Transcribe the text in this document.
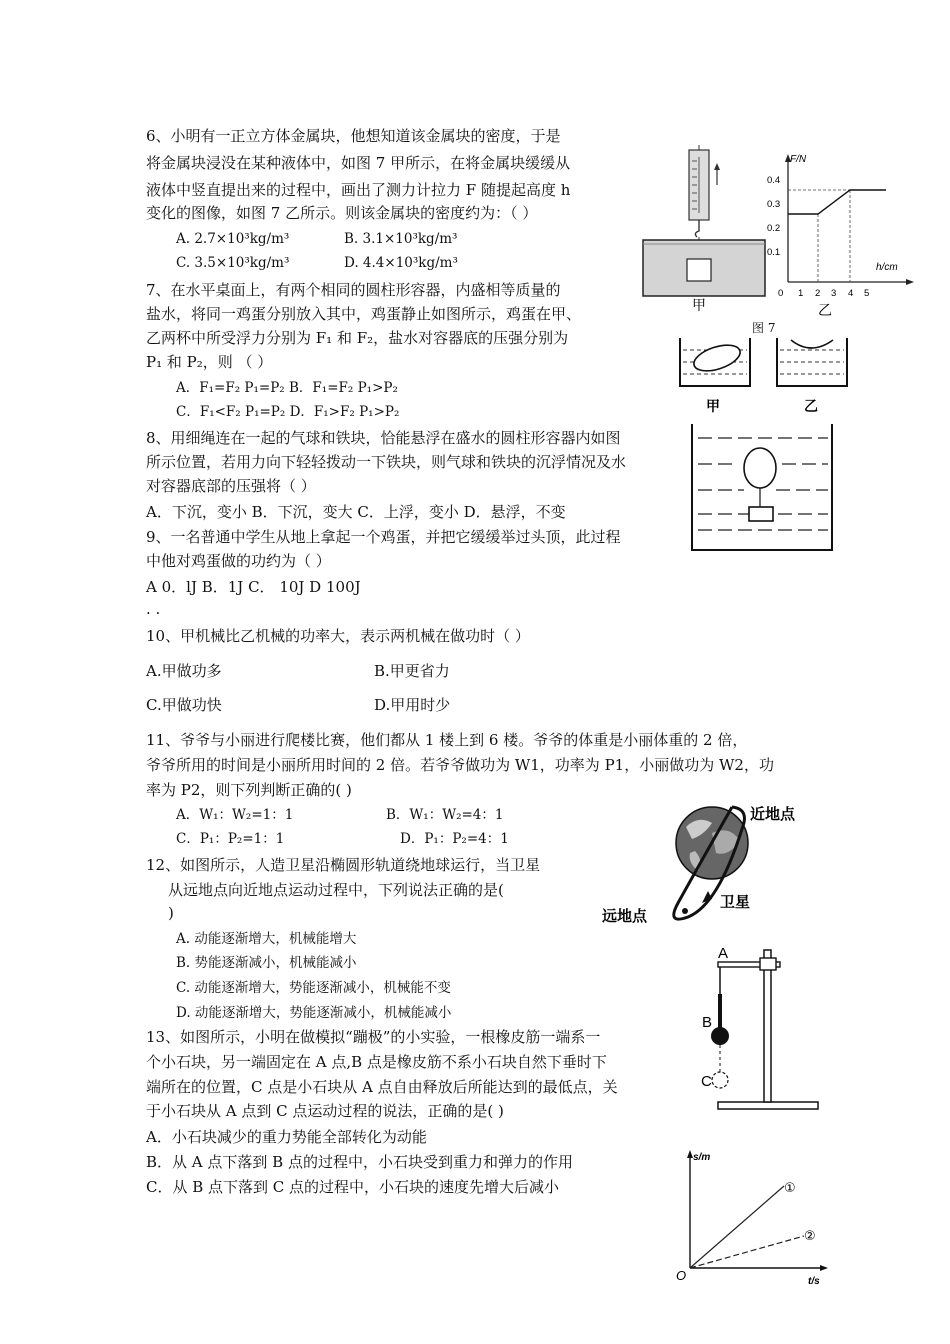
6、小明有一正立方体金属块，他想知道该金属块的密度，于是
将金属块浸没在某种液体中，如图 7 甲所示，在将金属块缓缓从
液体中竖直提出来的过程中，画出了测力计拉力 F 随提起高度 h
变化的图像，如图 7 乙所示。则该金属块的密度约为：（ ）
A. 2.7×10³kg/m³	B. 3.1×10³kg/m³
C. 3.5×10³kg/m³	D. 4.4×10³kg/m³
7、在水平桌面上，有两个相同的圆柱形容器，内盛相等质量的
盐水，将同一鸡蛋分别放入其中，鸡蛋静止如图所示，鸡蛋在甲、
乙两杯中所受浮力分别为 F₁ 和 F₂，盐水对容器底的压强分别为
P₁ 和 P₂，则 （ ）
A．F₁=F₂ P₁=P₂ B．F₁=F₂ P₁>P₂
C．F₁<F₂ P₁=P₂ D．F₁>F₂ P₁>P₂
8、用细绳连在一起的气球和铁块，恰能悬浮在盛水的圆柱形容器内如图
所示位置，若用力向下轻轻拨动一下铁块，则气球和铁块的沉浮情况及水
对容器底部的压强将（ ）
A．下沉，变小 B．下沉，变大 C．上浮，变小 D．悬浮，不变
9、一名普通中学生从地上拿起一个鸡蛋，并把它缓缓举过头顶，此过程
中他对鸡蛋做的功约为（ ）
A 0．lJ B．1J C． 10J D 100J
. .
10、甲机械比乙机械的功率大，表示两机械在做功时（ ）
A.甲做功多	B.甲更省力
C.甲做功快	D.甲用时少
11、爷爷与小丽进行爬楼比赛，他们都从 1 楼上到 6 楼。爷爷的体重是小丽体重的 2 倍，
爷爷所用的时间是小丽所用时间的 2 倍。若爷爷做功为 W1，功率为 P1，小丽做功为 W2，功
率为 P2，则下列判断正确的( )
A．W₁：W₂=1：1	B．W₁：W₂=4：1
C．P₁：P₂=1：1	D．P₁：P₂=4：1
12、如图所示，人造卫星沿椭圆形轨道绕地球运行，当卫星
从远地点向近地点运动过程中，下列说法正确的是(
)
A. 动能逐渐增大，机械能增大
B. 势能逐渐减小，机械能减小
C. 动能逐渐增大，势能逐渐减小，机械能不变
D. 动能逐渐增大，势能逐渐减小，机械能减小
13、如图所示，小明在做模拟“蹦极”的小实验，一根橡皮筋一端系一
个小石块，另一端固定在 A 点,B 点是橡皮筋不系小石块自然下垂时下
端所在的位置，C 点是小石块从 A 点自由释放后所能达到的最低点，关
于小石块从 A 点到 C 点运动过程的说法，正确的是( )
A．小石块减少的重力势能全部转化为动能
B．从 A 点下落到 B 点的过程中，小石块受到重力和弹力的作用
C．从 B 点下落到 C 点的过程中，小石块的速度先增大后减小
甲
F/N
h/cm
0.4
0.3
0.2
0.1
0 1 2 3 4 5
乙
图 7
甲	乙
近地点
远地点
卫星
A
B
C
s/m
t/s
O
①
②
